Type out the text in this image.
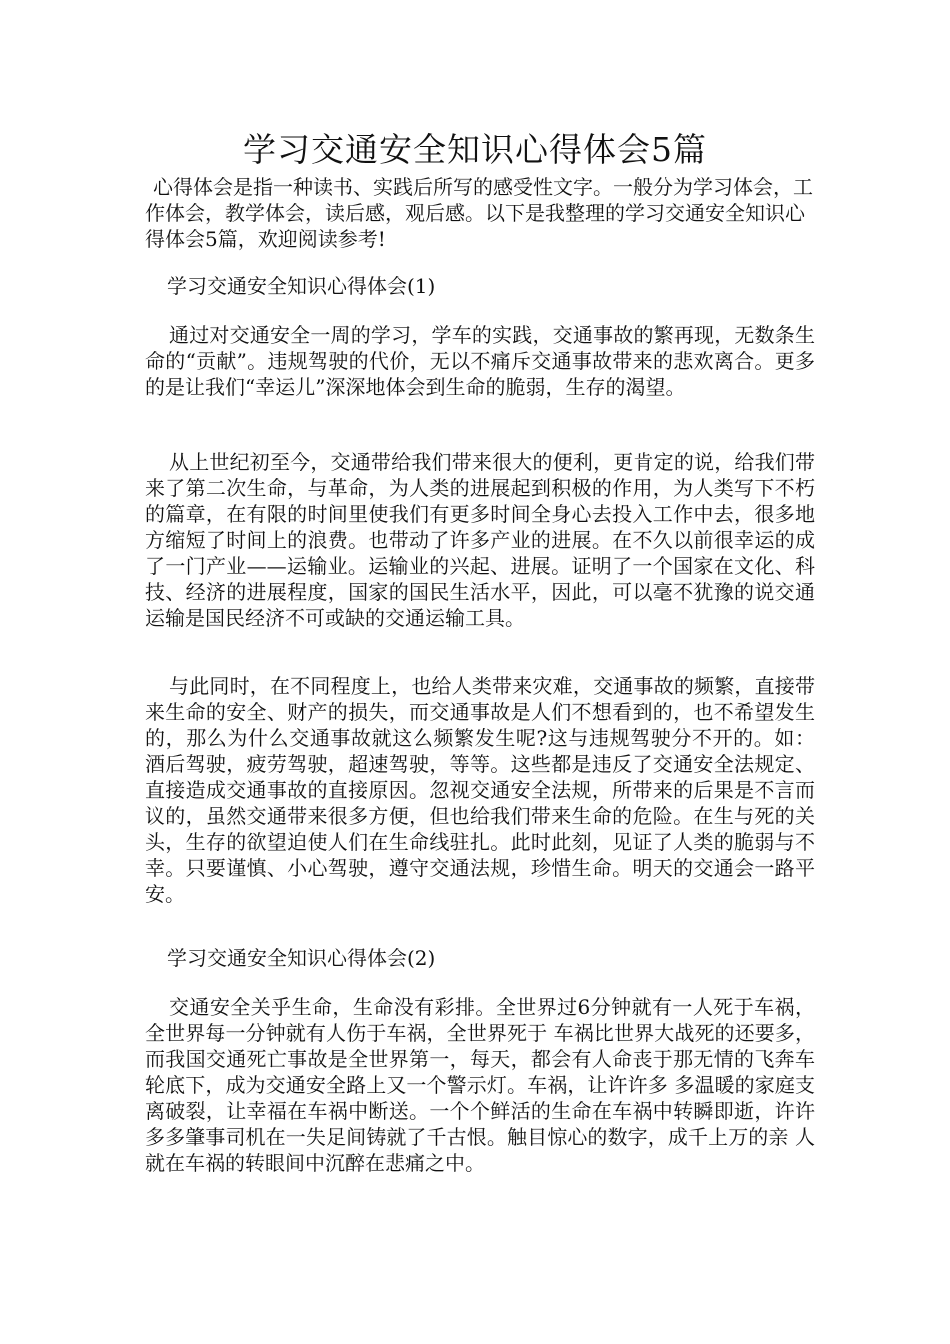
学习交通安全知识心得体会5篇

心得体会是指一种读书、实践后所写的感受性文字。一般分为学习体会，工作体会，教学体会，读后感，观后感。以下是我整理的学习交通安全知识心得体会5篇，欢迎阅读参考!

学习交通安全知识心得体会(1)

通过对交通安全一周的学习，学车的实践，交通事故的繁再现，无数条生命的“贡献”。违规驾驶的代价，无以不痛斥交通事故带来的悲欢离合。更多的是让我们“幸运儿”深深地体会到生命的脆弱，生存的渴望。

从上世纪初至今，交通带给我们带来很大的便利，更肯定的说，给我们带来了第二次生命，与革命，为人类的进展起到积极的作用，为人类写下不朽的篇章，在有限的时间里使我们有更多时间全身心去投入工作中去，很多地方缩短了时间上的浪费。也带动了许多产业的进展。在不久以前很幸运的成了一门产业——运输业。运输业的兴起、进展。证明了一个国家在文化、科技、经济的进展程度，国家的国民生活水平，因此，可以毫不犹豫的说交通运输是国民经济不可或缺的交通运输工具。

与此同时，在不同程度上，也给人类带来灾难，交通事故的频繁，直接带来生命的安全、财产的损失，而交通事故是人们不想看到的，也不希望发生的，那么为什么交通事故就这么频繁发生呢?这与违规驾驶分不开的。如：酒后驾驶，疲劳驾驶，超速驾驶，等等。这些都是违反了交通安全法规定、直接造成交通事故的直接原因。忽视交通安全法规，所带来的后果是不言而议的，虽然交通带来很多方便，但也给我们带来生命的危险。在生与死的关头，生存的欲望迫使人们在生命线驻扎。此时此刻，见证了人类的脆弱与不幸。只要谨慎、小心驾驶，遵守交通法规，珍惜生命。明天的交通会一路平安。

学习交通安全知识心得体会(2)

交通安全关乎生命，生命没有彩排。全世界过6分钟就有一人死于车祸，全世界每一分钟就有人伤于车祸，全世界死于 车祸比世界大战死的还要多，而我国交通死亡事故是全世界第一，每天，都会有人命丧于那无情的飞奔车轮底下，成为交通安全路上又一个警示灯。车祸，让许许多 多温暖的家庭支离破裂，让幸福在车祸中断送。一个个鲜活的生命在车祸中转瞬即逝，许许多多肇事司机在一失足间铸就了千古恨。触目惊心的数字，成千上万的亲 人就在车祸的转眼间中沉醉在悲痛之中。
